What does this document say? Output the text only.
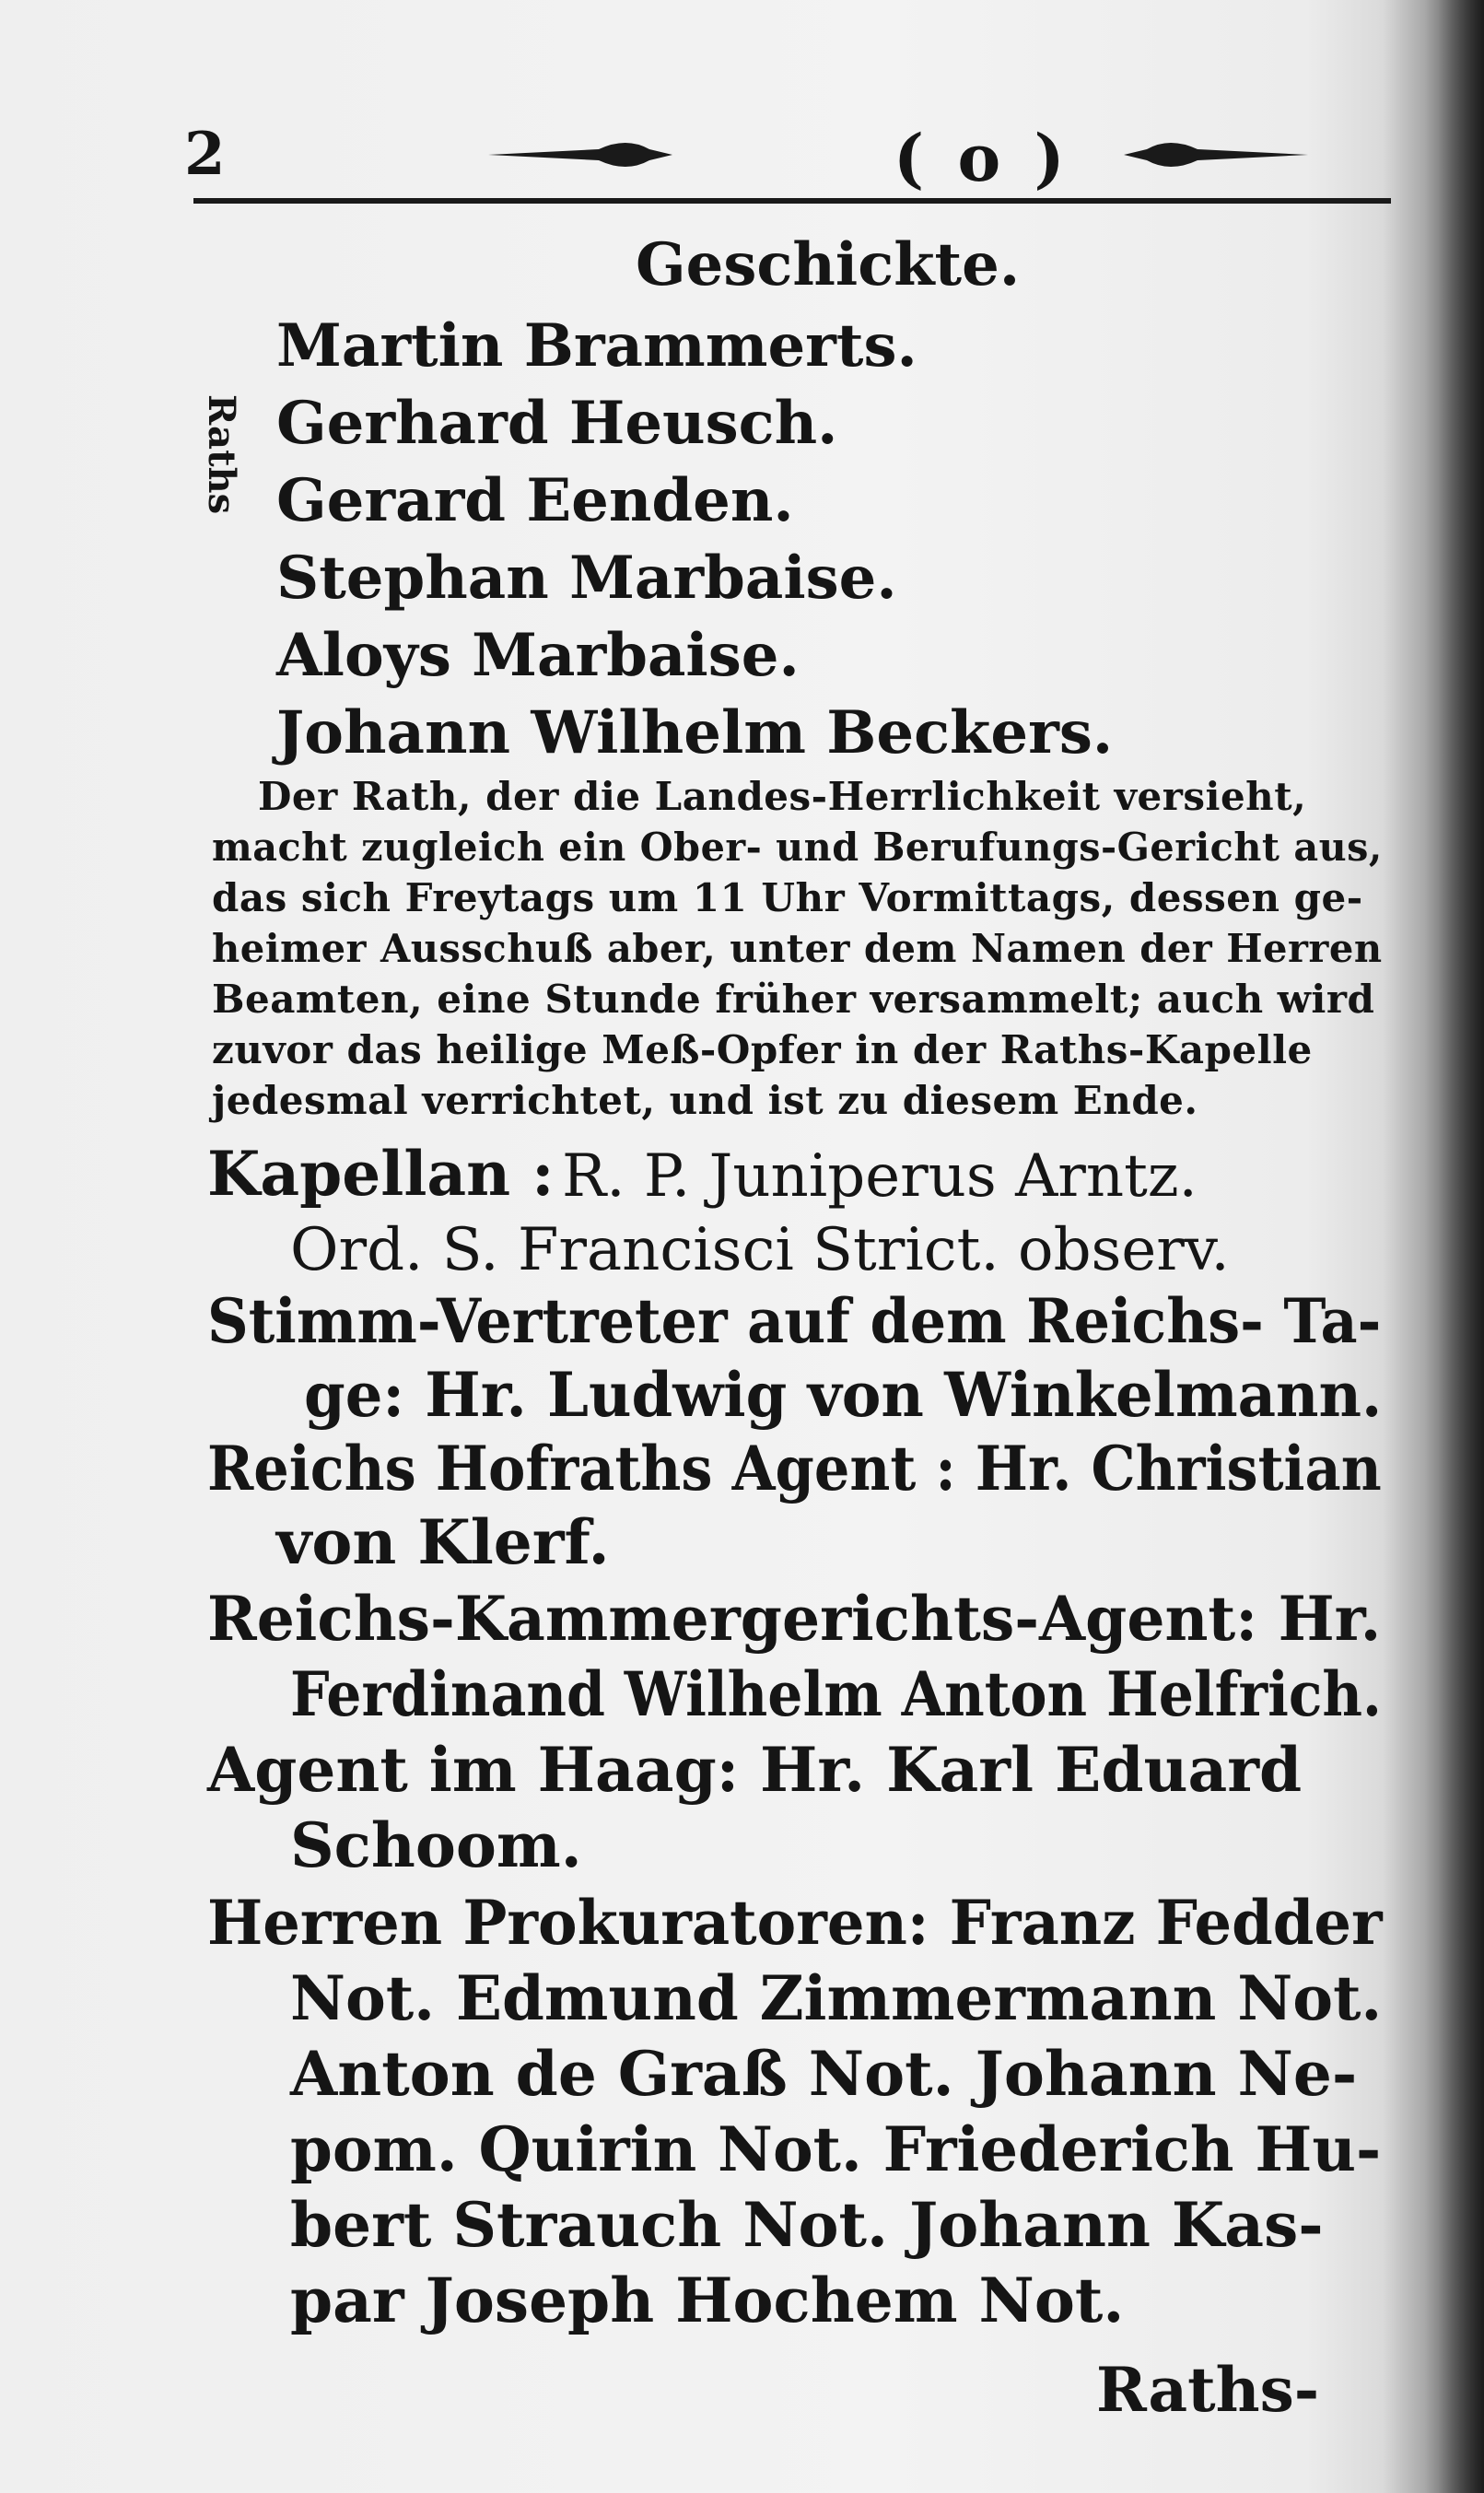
2	( o )
Raths
Geschickte.
Martin Brammerts.
Gerhard Heusch.
Gerard Eenden.
Stephan Marbaise.
Aloys Marbaise.
Johann Wilhelm Beckers.
Der Rath, der die Landes-Herrlichkeit versieht,
macht zugleich ein Ober- und Berufungs-Gericht aus,
das sich Freytags um 11 Uhr Vormittags, dessen ge-
heimer Ausschuß aber, unter dem Namen der Herren
Beamten, eine Stunde früher versammelt; auch wird
zuvor das heilige Meß-Opfer in der Raths-Kapelle
jedesmal verrichtet, und ist zu diesem Ende.
Kapellan : R. P. Juniperus Arntz.
Ord. S. Francisci Strict. observ.
Stimm-Vertreter auf dem Reichs- Ta-
ge: Hr. Ludwig von Winkelmann.
Reichs Hofraths Agent : Hr. Christian
von Klerf.
Reichs-Kammergerichts-Agent: Hr.
Ferdinand Wilhelm Anton Helfrich.
Agent im Haag: Hr. Karl Eduard
Schoom.
Herren Prokuratoren: Franz Fedder
Not. Edmund Zimmermann Not.
Anton de Graß Not. Johann Ne-
pom. Quirin Not. Friederich Hu-
bert Strauch Not. Johann Kas-
par Joseph Hochem Not.
Raths-
